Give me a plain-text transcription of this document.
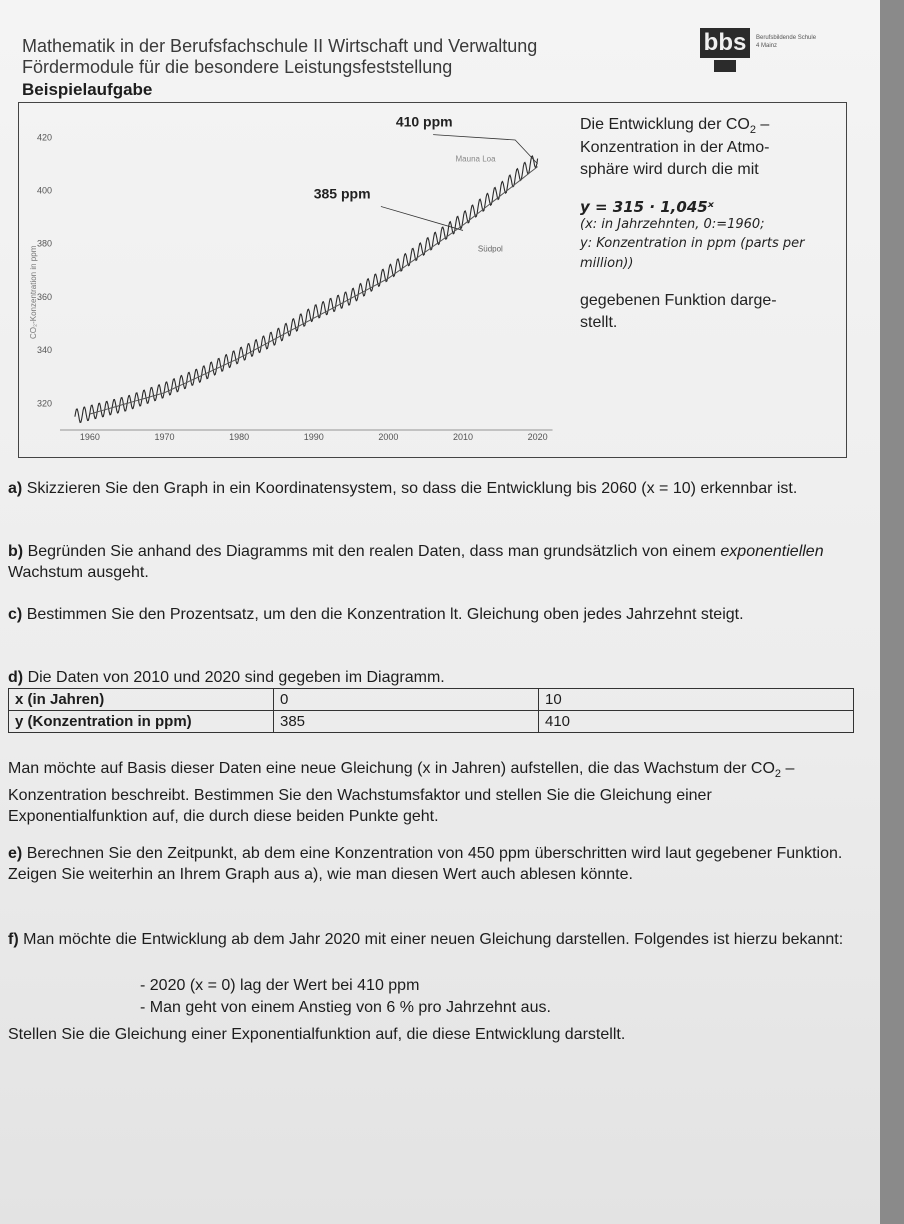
Mathematik in der Berufsfachschule II Wirtschaft und Verwaltung
Fördermodule für die besondere Leistungsfeststellung
Beispielaufgabe
bbs	Berufsbildende Schule 4 Mainz
320
340
360
380
400
420
1960	1970	1980	1990	2000	2010	2020
410 ppm
385 ppm
Mauna Loa
Südpol
CO₂-Konzentration in ppm
Die Entwicklung der $CO_2$ –
Konzentration in der Atmo-
sphäre wird durch die mit
y = 315 · 1,045ˣ
(x: in Jahrzehnten, 0:=1960;
y: Konzentration in ppm (parts per
million))
gegebenen Funktion darge-
stellt.
a) Skizzieren Sie den Graph in ein Koordinatensystem, so dass die Entwicklung bis 2060 (x = 10) erkennbar ist.
b) Begründen Sie anhand des Diagramms mit den realen Daten, dass man grundsätzlich von einem exponentiellen Wachstum ausgeht.
c) Bestimmen Sie den Prozentsatz, um den die Konzentration lt. Gleichung oben jedes Jahrzehnt steigt.
d) Die Daten von 2010 und 2020 sind gegeben im Diagramm.
x (in Jahren)	0	10
y (Konzentration in ppm)	385	410
Man möchte auf Basis dieser Daten eine neue Gleichung (x in Jahren) aufstellen, die das Wachstum der $CO_2$ – Konzentration beschreibt. Bestimmen Sie den Wachstumsfaktor und stellen Sie die Gleichung einer Exponentialfunktion auf, die durch diese beiden Punkte geht.
e) Berechnen Sie den Zeitpunkt, ab dem eine Konzentration von 450 ppm überschritten wird laut gegebener Funktion. Zeigen Sie weiterhin an Ihrem Graph aus a), wie man diesen Wert auch ablesen könnte.
f) Man möchte die Entwicklung ab dem Jahr 2020 mit einer neuen Gleichung darstellen. Folgendes ist hierzu bekannt:
- 2020 (x = 0) lag der Wert bei 410 ppm
- Man geht von einem Anstieg von 6 % pro Jahrzehnt aus.
Stellen Sie die Gleichung einer Exponentialfunktion auf, die diese Entwicklung darstellt.
